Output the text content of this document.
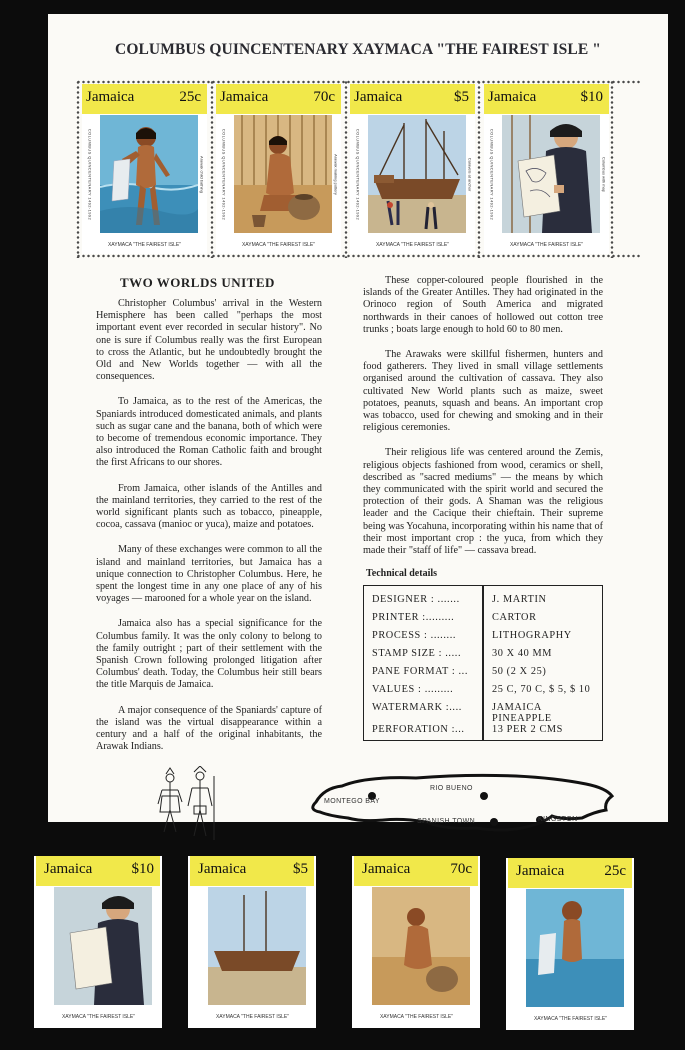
COLUMBUS QUINCENTENARY XAYMACA "THE FAIREST ISLE "
Jamaica	25c
COLUMBUS QUINCENTENARY 1492-1992	Arawak child bathing
XAYMACA "THE FAIREST ISLE"
Jamaica	70c
COLUMBUS QUINCENTENARY 1492-1992	Arawak making pottery
XAYMACA "THE FAIREST ISLE"
Jamaica	$5
COLUMBUS QUINCENTENARY 1492-1992	Caravels at anchor
XAYMACA "THE FAIREST ISLE"
Jamaica	$10
COLUMBUS QUINCENTENARY 1492-1992	Columbus with map
XAYMACA "THE FAIREST ISLE"
TWO WORLDS UNITED

Christopher Columbus' arrival in the Western Hemisphere has been called "perhaps the most important event ever recorded in secular history". No one is sure if Columbus really was the first European to cross the Atlantic, but he undoubtedly brought the Old and New Worlds together — with all the consequences.

To Jamaica, as to the rest of the Americas, the Spaniards introduced domesticated animals, and plants such as sugar cane and the banana, both of which were to become of tremendous economic importance. They also introduced the Roman Catholic faith and brought the first Africans to our shores.

From Jamaica, other islands of the Antilles and the mainland territories, they carried to the rest of the world significant plants such as tobacco, pineapple, cocoa, cassava (manioc or yuca), maize and potatoes.

Many of these exchanges were common to all the island and mainland territories, but Jamaica has a unique connection to Christopher Columbus. Here, he spent the longest time in any one place of any of his voyages — marooned for a whole year on the island.

Jamaica also has a special significance for the Columbus family. It was the only colony to belong to the family outright ; part of their settlement with the Spanish Crown following prolonged litigation after Columbus' death. Today, the Columbus heir still bears the title Marquis de Jamaica.

A major consequence of the Spaniards' capture of the island was the virtual disappearance within a century and a half of the original inhabitants, the Arawak Indians.

These copper-coloured people flourished in the islands of the Greater Antilles. They had originated in the Orinoco region of South America and migrated northwards in their canoes of hollowed out cotton tree trunks ; boats large enough to hold 60 to 80 men.

The Arawaks were skillful fishermen, hunters and food gatherers. They lived in small village settlements organised around the cultivation of cassava. They also cultivated New World plants such as maize, sweet potatoes, peanuts, squash and beans. An important crop was tobacco, used for chewing and smoking and in their religious ceremonies.

Their religious life was centered around the Zemis, religious objects fashioned from wood, ceramics or shell, described as "sacred mediums" — the means by which they communicated with the spirit world and secured the protection of their gods. A Shaman was the religious leader and the Cacique their chieftain. Their supreme being was Yocahuna, incorporating within his name that of their most important crop : the yuca, from which they made their "staff of life" — cassava bread.

Technical details
DESIGNER : .......	J. MARTIN
PRINTER :.........	CARTOR
PROCESS : ........	LITHOGRAPHY
STAMP SIZE : .....	30 X 40 MM
PANE FORMAT : ... 50 (2 X 25)
VALUES : .........	25 C, 70 C, $ 5, $ 10
WATERMARK :....	JAMAICA PINEAPPLE
PERFORATION :...	13 PER 2 CMS
MONTEGO BAY
RIO BUENO
SPANISH TOWN	KINGSTON
Jamaica	$10
XAYMACA "THE FAIREST ISLE"
Jamaica	$5
XAYMACA "THE FAIREST ISLE"
Jamaica	70c
XAYMACA "THE FAIREST ISLE"
Jamaica	25c
XAYMACA "THE FAIREST ISLE"
